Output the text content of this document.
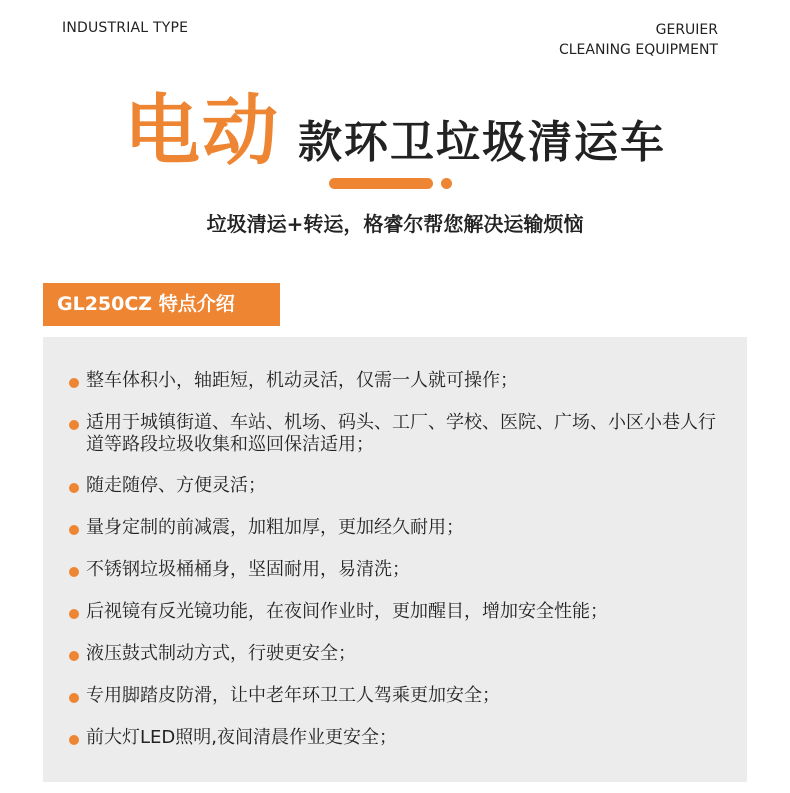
INDUSTRIAL TYPE	GERUIER
CLEANING EQUIPMENT
电动 款环卫垃圾清运车
垃圾清运+转运，格睿尔帮您解决运输烦恼
GL250CZ 特点介绍
整车体积小，轴距短，机动灵活，仅需一人就可操作；
适用于城镇街道、车站、机场、码头、工厂、学校、医院、广场、小区小巷人行道等路段垃圾收集和巡回保洁适用；
随走随停、方便灵活；
量身定制的前减震，加粗加厚，更加经久耐用；
不锈钢垃圾桶桶身，坚固耐用，易清洗；
后视镜有反光镜功能，在夜间作业时，更加醒目，增加安全性能；
液压鼓式制动方式，行驶更安全；
专用脚踏皮防滑，让中老年环卫工人驾乘更加安全；
前大灯LED照明,夜间清晨作业更安全；
